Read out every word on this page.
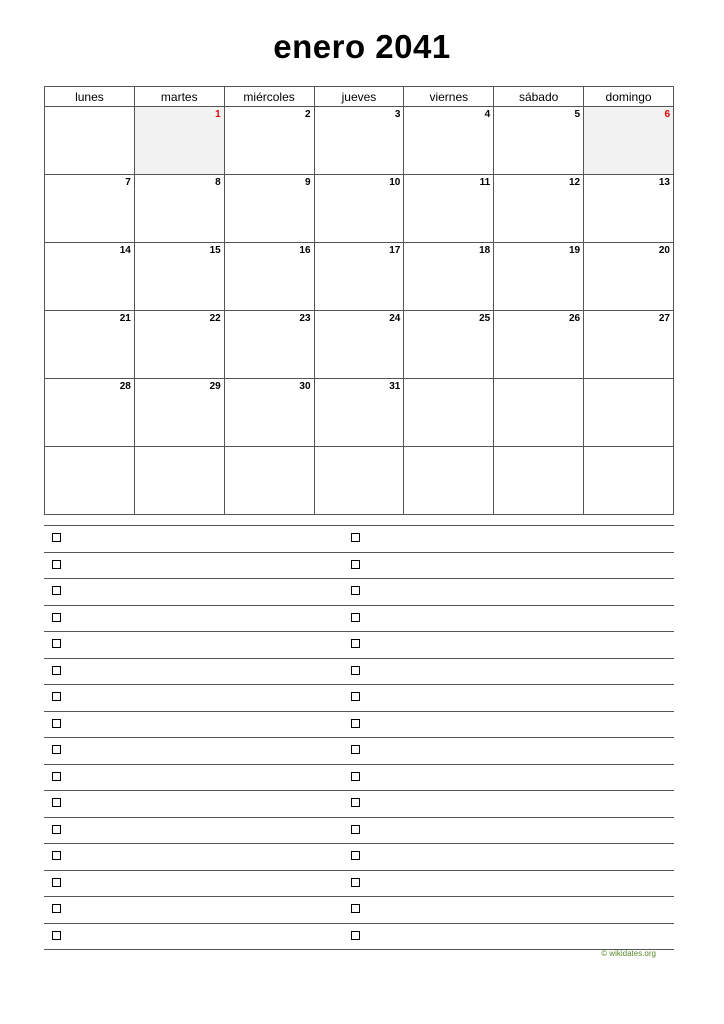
enero 2041
lunes	martes	miércoles	jueves	viernes	sábado	domingo

	1	2	3	4	5	6

7	8	9	10	11	12	13

14	15	16	17	18	19	20

21	22	23	24	25	26	27

28	29	30	31			

© wikidates.org
